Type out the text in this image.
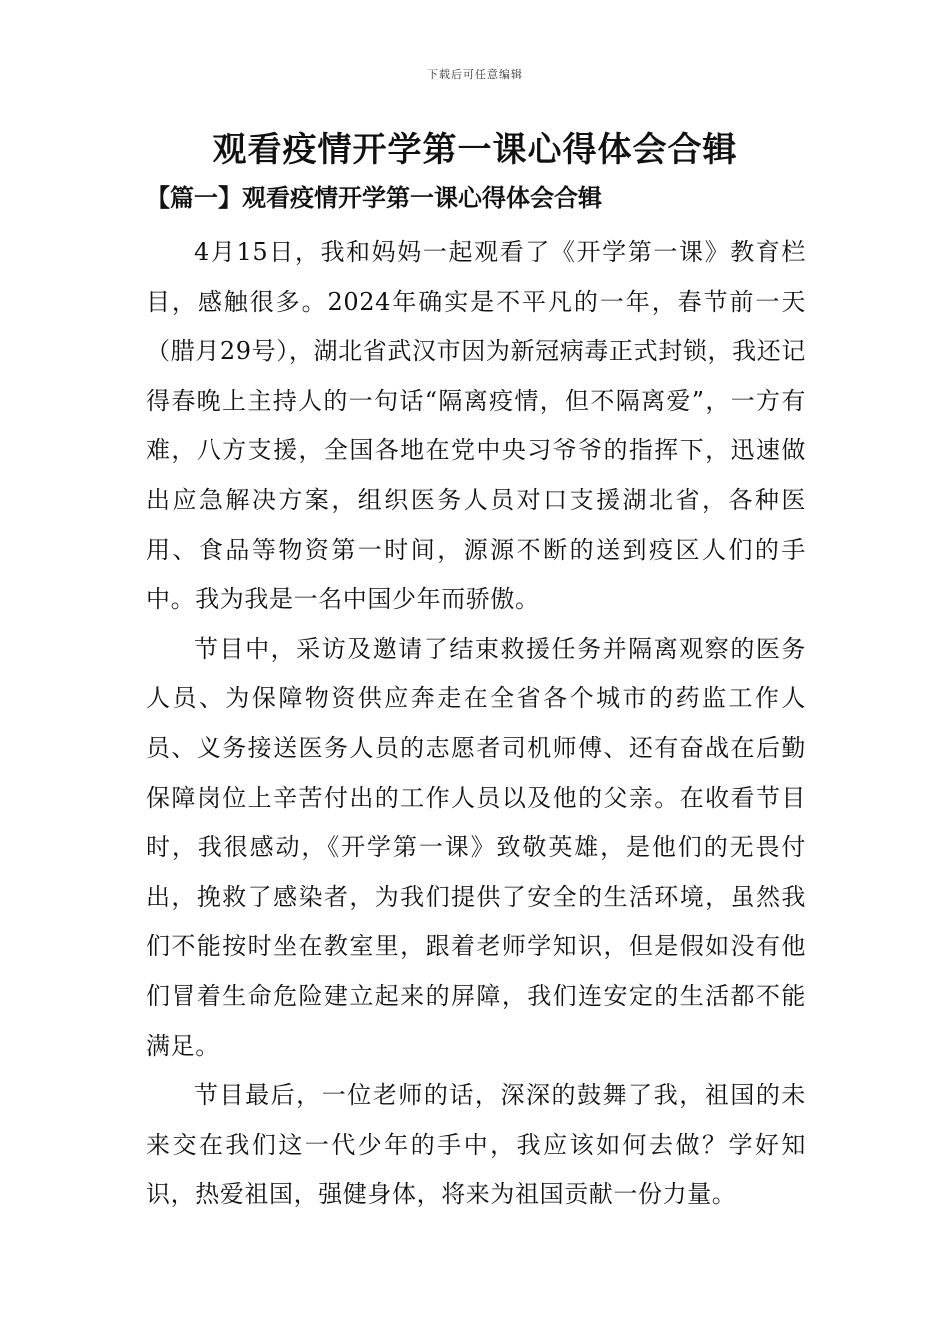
下载后可任意编辑
观看疫情开学第一课心得体会合辑
【篇一】观看疫情开学第一课心得体会合辑

4月15日，我和妈妈一起观看了《开学第一课》教育栏目，感触很多。2024年确实是不平凡的一年，春节前一天（腊月29号），湖北省武汉市因为新冠病毒正式封锁，我还记得春晚上主持人的一句话“隔离疫情，但不隔离爱”，一方有难，八方支援，全国各地在党中央习爷爷的指挥下，迅速做出应急解决方案，组织医务人员对口支援湖北省，各种医用、食品等物资第一时间，源源不断的送到疫区人们的手中。我为我是一名中国少年而骄傲。

节目中，采访及邀请了结束救援任务并隔离观察的医务人员、为保障物资供应奔走在全省各个城市的药监工作人员、义务接送医务人员的志愿者司机师傅、还有奋战在后勤保障岗位上辛苦付出的工作人员以及他的父亲。在收看节目时，我很感动，《开学第一课》致敬英雄，是他们的无畏付出，挽救了感染者，为我们提供了安全的生活环境，虽然我们不能按时坐在教室里，跟着老师学知识，但是假如没有他们冒着生命危险建立起来的屏障，我们连安定的生活都不能满足。

节目最后，一位老师的话，深深的鼓舞了我，祖国的未来交在我们这一代少年的手中，我应该如何去做？学好知识，热爱祖国，强健身体，将来为祖国贡献一份力量。
